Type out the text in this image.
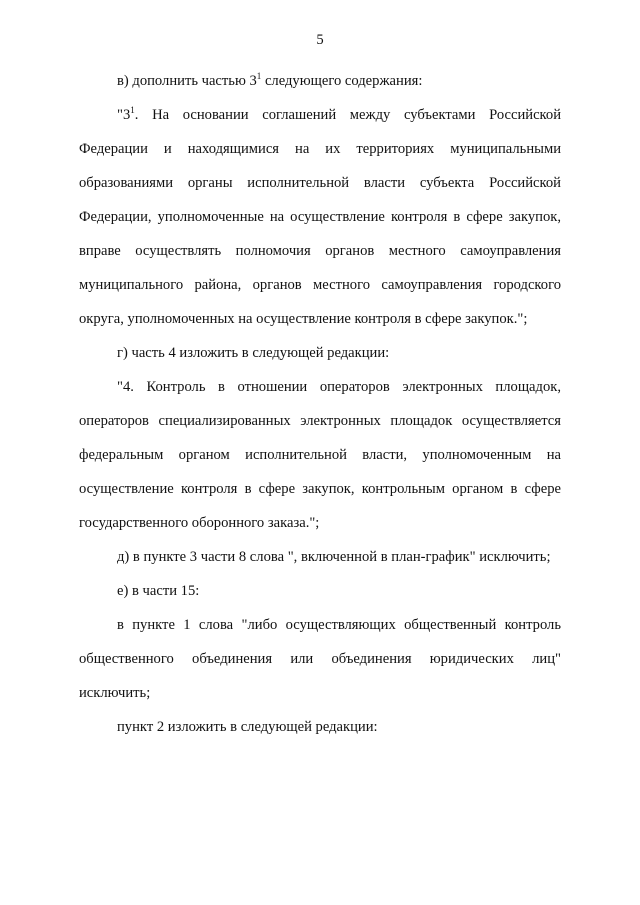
5

в) дополнить частью $3^1$ следующего содержания:

"$3^1$. На основании соглашений между субъектами Российской Федерации и находящимися на их территориях муниципальными образованиями органы исполнительной власти субъекта Российской Федерации, уполномоченные на осуществление контроля в сфере закупок, вправе осуществлять полномочия органов местного самоуправления муниципального района, органов местного самоуправления городского округа, уполномоченных на осуществление контроля в сфере закупок.";

г) часть 4 изложить в следующей редакции:

"4. Контроль в отношении операторов электронных площадок, операторов специализированных электронных площадок осуществляется федеральным органом исполнительной власти, уполномоченным на осуществление контроля в сфере закупок, контрольным органом в сфере государственного оборонного заказа.";

д) в пункте 3 части 8 слова ", включенной в план-график" исключить;

е) в части 15:

в пункте 1 слова "либо осуществляющих общественный контроль общественного объединения или объединения юридических лиц" исключить;

пункт 2 изложить в следующей редакции:
